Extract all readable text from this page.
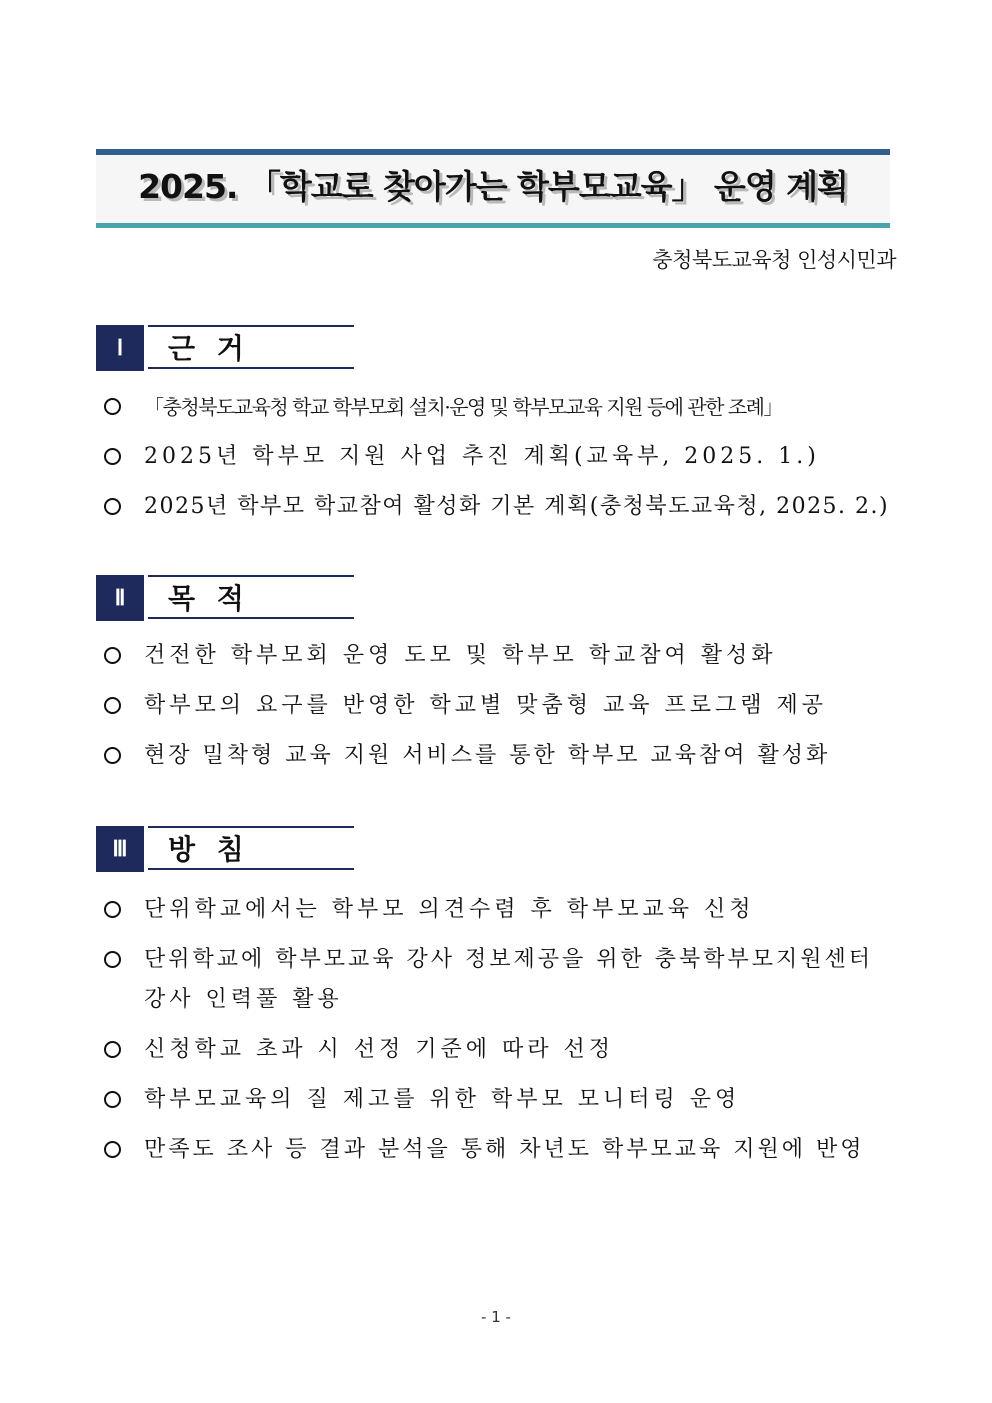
2025. 「학교로 찾아가는 학부모교육」 운영 계획
충청북도교육청 인성시민과
Ⅰ	근 거
「충청북도교육청 학교 학부모회 설치·운영 및 학부모교육 지원 등에 관한 조례」
2025년 학부모 지원 사업 추진 계획(교육부, 2025. 1.)
2025년 학부모 학교참여 활성화 기본 계획(충청북도교육청, 2025. 2.)
Ⅱ	목 적
건전한 학부모회 운영 도모 및 학부모 학교참여 활성화
학부모의 요구를 반영한 학교별 맞춤형 교육 프로그램 제공
현장 밀착형 교육 지원 서비스를 통한 학부모 교육참여 활성화
Ⅲ	방 침
단위학교에서는 학부모 의견수렴 후 학부모교육 신청
단위학교에 학부모교육 강사 정보제공을 위한 충북학부모지원센터
강사 인력풀 활용
신청학교 초과 시 선정 기준에 따라 선정
학부모교육의 질 제고를 위한 학부모 모니터링 운영
만족도 조사 등 결과 분석을 통해 차년도 학부모교육 지원에 반영
- 1 -
